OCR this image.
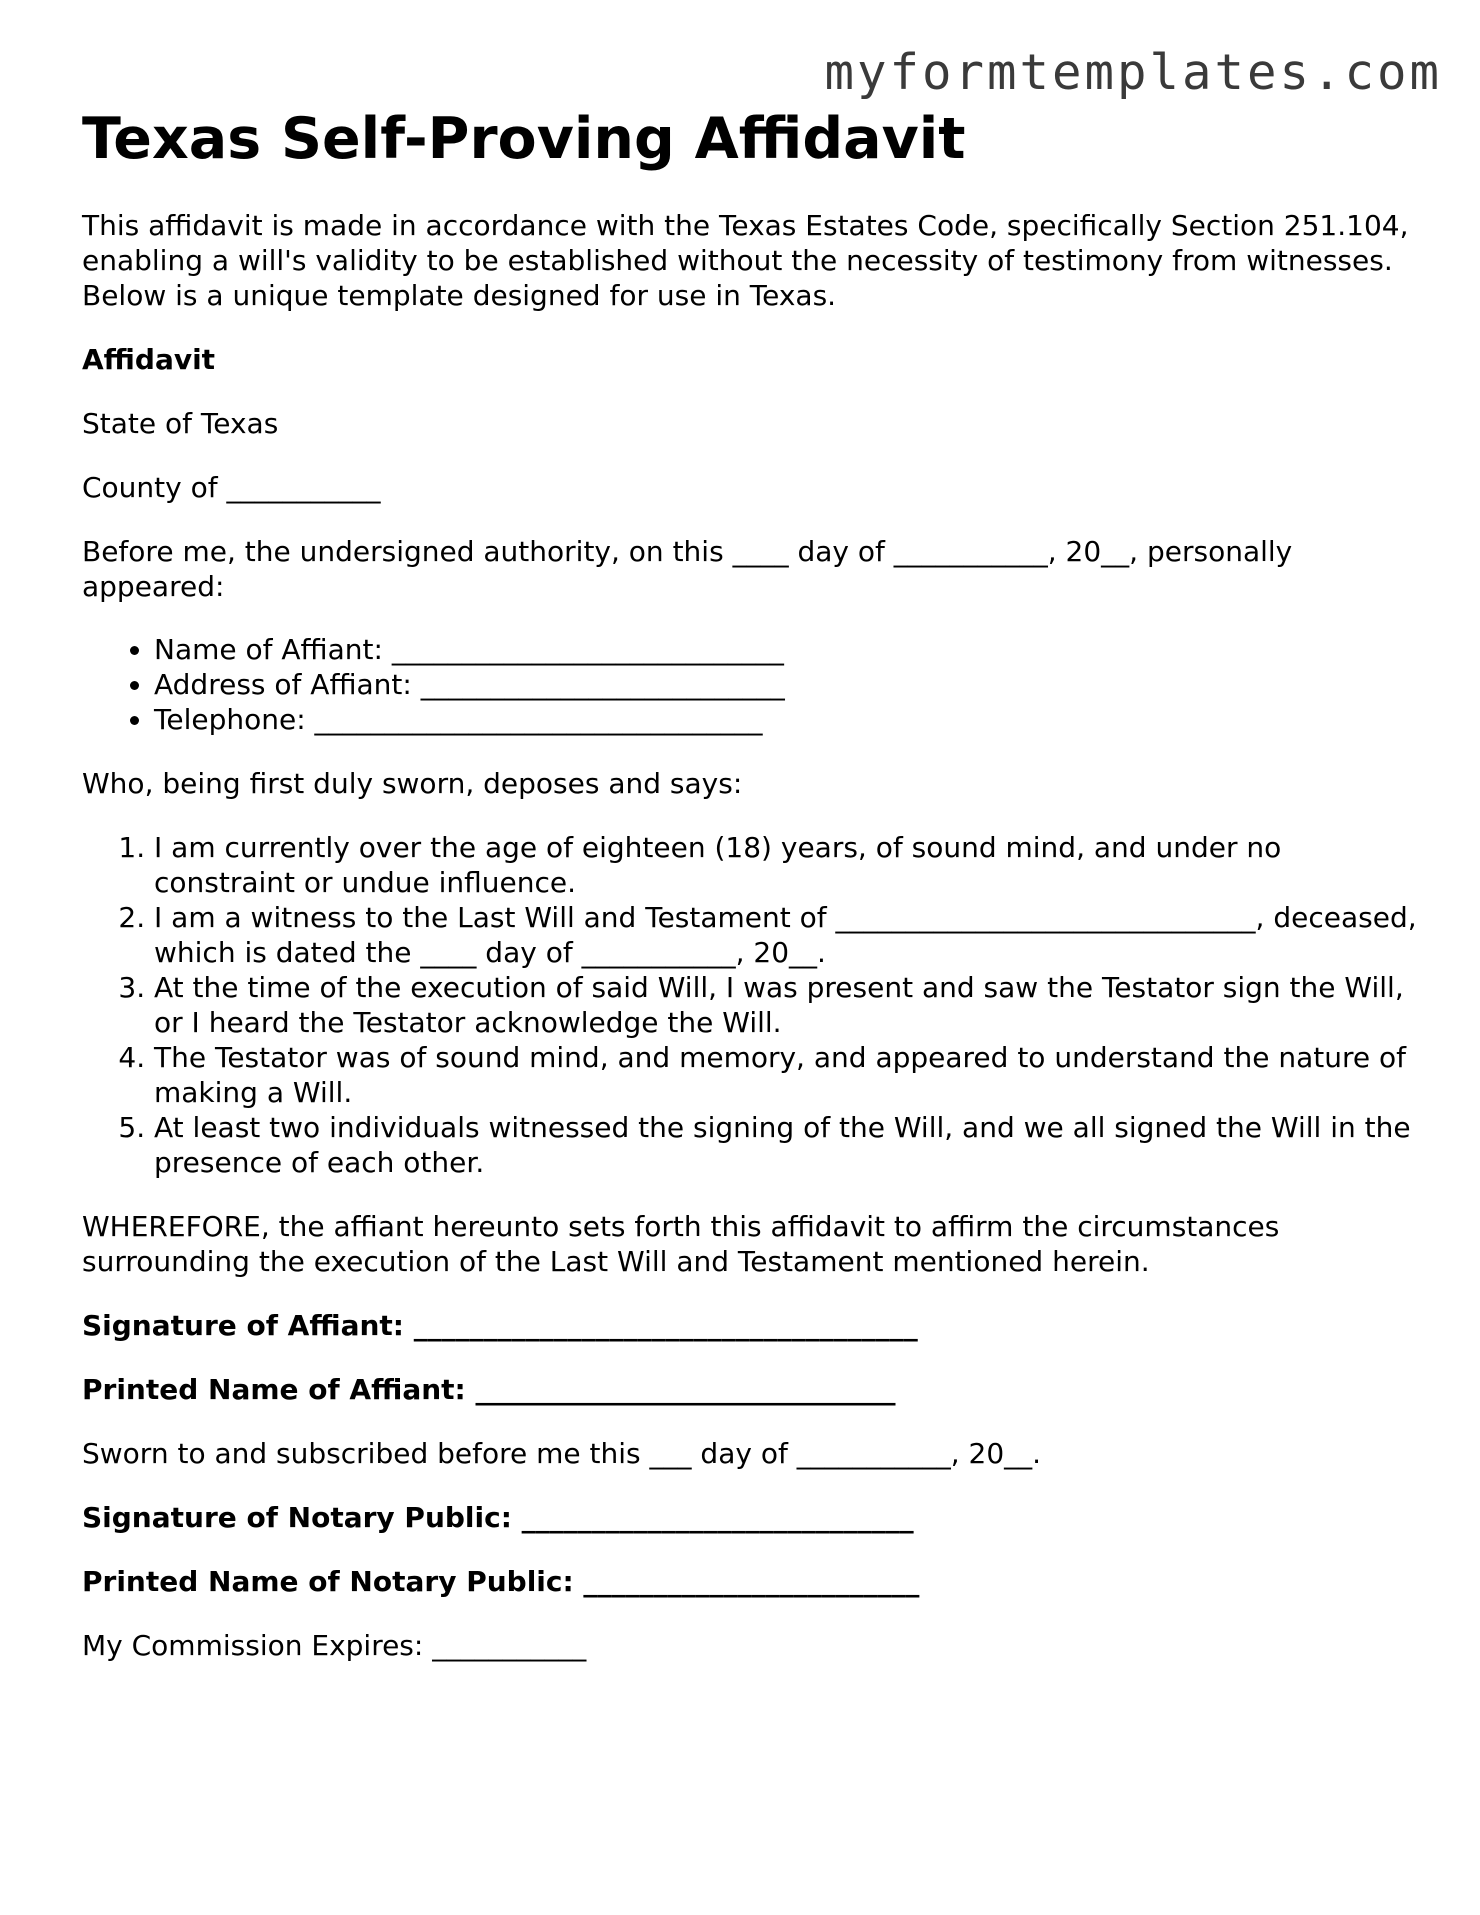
myformtemplates.com
Texas Self-Proving Affidavit

This affidavit is made in accordance with the Texas Estates Code, specifically Section 251.104, enabling a will's validity to be established without the necessity of testimony from witnesses. Below is a unique template designed for use in Texas.

Affidavit

State of Texas

County of ___________

Before me, the undersigned authority, on this ____ day of ___________, 20__, personally appeared:

• Name of Affiant: ____________________________
• Address of Affiant: __________________________
• Telephone: ________________________________

Who, being first duly sworn, deposes and says:

1. I am currently over the age of eighteen (18) years, of sound mind, and under no constraint or undue influence.
2. I am a witness to the Last Will and Testament of ______________________________, deceased, which is dated the ____ day of ___________, 20__.
3. At the time of the execution of said Will, I was present and saw the Testator sign the Will, or I heard the Testator acknowledge the Will.
4. The Testator was of sound mind, and memory, and appeared to understand the nature of making a Will.
5. At least two individuals witnessed the signing of the Will, and we all signed the Will in the presence of each other.

WHEREFORE, the affiant hereunto sets forth this affidavit to affirm the circumstances surrounding the execution of the Last Will and Testament mentioned herein.

Signature of Affiant: ____________________________________

Printed Name of Affiant: ______________________________

Sworn to and subscribed before me this ___ day of ___________, 20__.

Signature of Notary Public: ____________________________

Printed Name of Notary Public: ________________________

My Commission Expires: ___________
